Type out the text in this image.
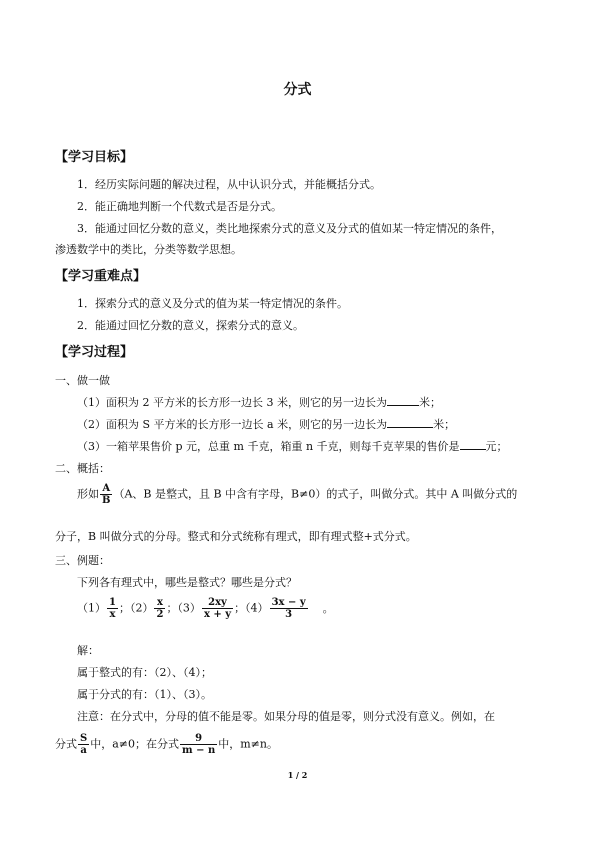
分式
【学习目标】
1．经历实际问题的解决过程，从中认识分式，并能概括分式。
2．能正确地判断一个代数式是否是分式。
3．能通过回忆分数的意义，类比地探索分式的意义及分式的值如某一特定情况的条件，
渗透数学中的类比，分类等数学思想。
【学习重难点】
1．探索分式的意义及分式的值为某一特定情况的条件。
2．能通过回忆分数的意义，探索分式的意义。
【学习过程】
一、做一做
（1）面积为 2 平方米的长方形一边长 3 米，则它的另一边长为	米；
（2）面积为 S 平方米的长方形一边长 a 米，则它的另一边长为	米；
（3）一箱苹果售价 p 元，总重 m 千克，箱重 n 千克，则每千克苹果的售价是 元；
二、概括：
形如 $\frac{A}{B} (A$、B 是整式，且 B 中含有字母，B≠0）的式子，叫做分式。其中 A 叫做分式的
分子，B 叫做分式的分母。整式和分式统称有理式，即有理式整+式分式。
三、例题：
下列各有理式中，哪些是整式？哪些是分式？
$(1) \frac{1}{x}$ ；$(2) \frac{x}{2}$ ；$(3) \frac{2xy}{x + y}$ ；$(4) \frac{3x - y}{3}$ 。
解：
属于整式的有：（2）、（4）；
属于分式的有：（1）、（3）。
注意：在分式中，分母的值不能是零。如果分母的值是零，则分式没有意义。例如，在
分式 $\frac{S}{a}$ 中，a≠0；在分式 $\frac{9}{m - n}$ 中，m≠n。
1 / 2
